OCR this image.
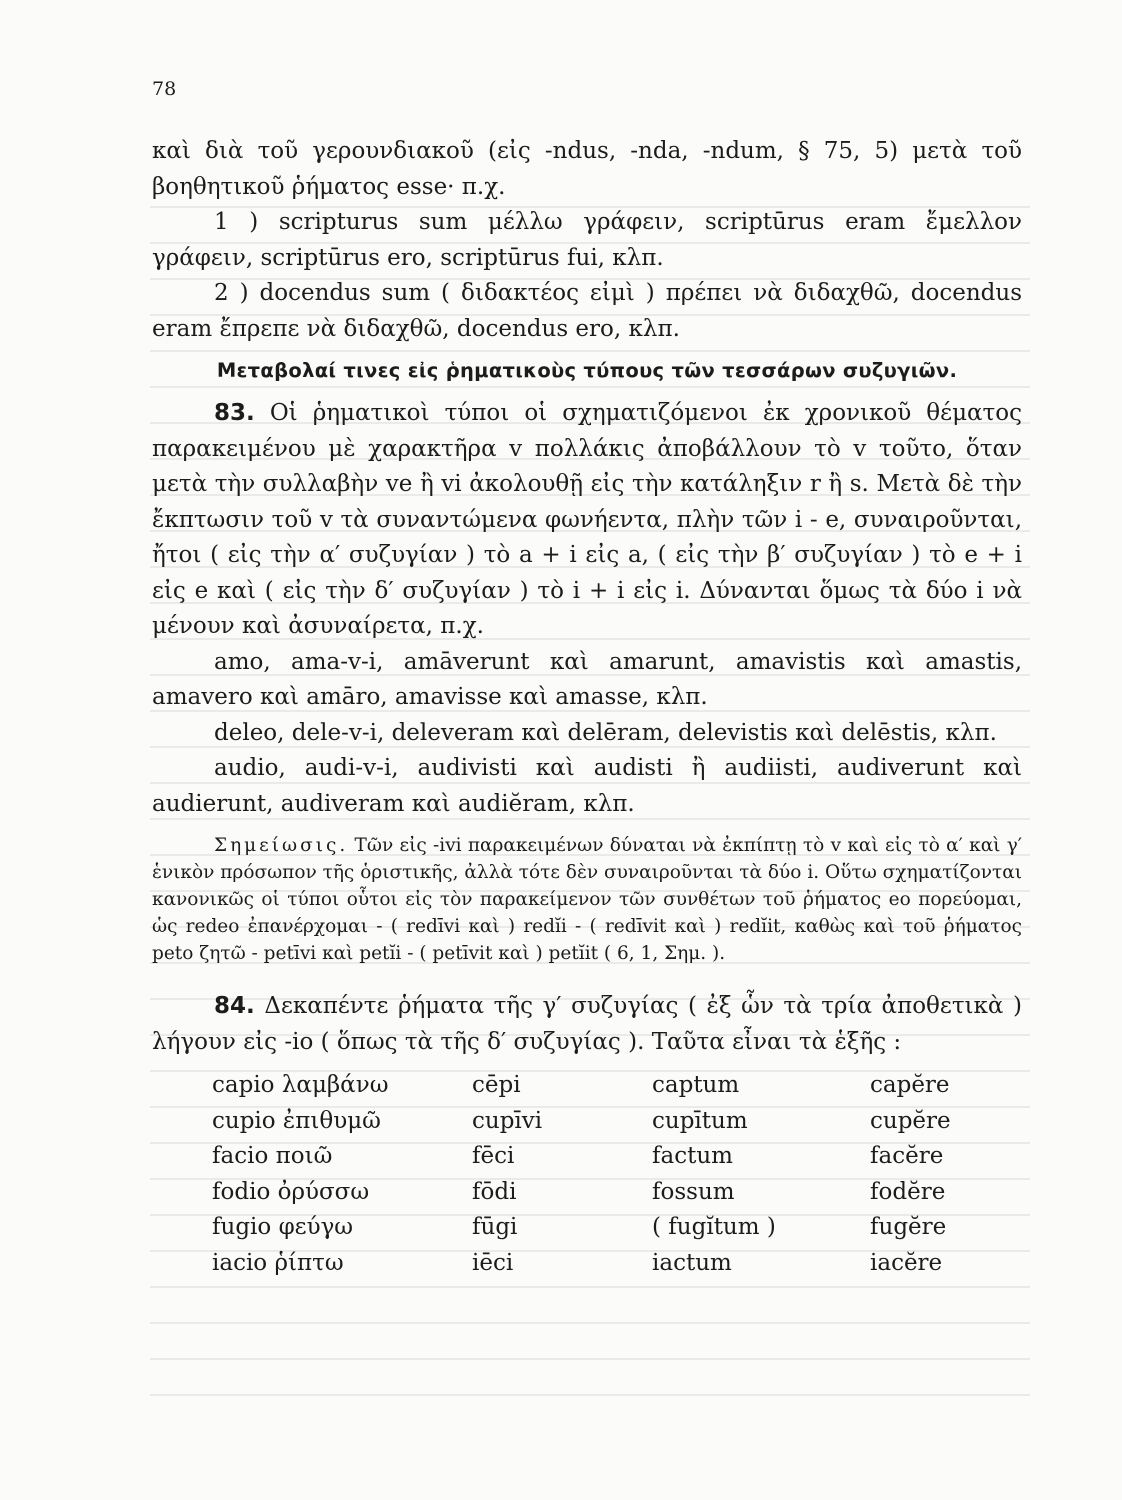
78

καὶ διὰ τοῦ γερουνδιακοῦ (εἰς -ndus, -nda, -ndum, § 75, 5) μετὰ τοῦ βοηθητικοῦ ῥήματος esse· π.χ.

1 ) scripturus sum μέλλω γράφειν, scriptūrus eram ἔμελλον γράφειν, scriptūrus ero, scriptūrus fui, κλπ.

2 ) docendus sum ( διδακτέος εἰμὶ ) πρέπει νὰ διδαχθῶ, docendus eram ἔπρεπε νὰ διδαχθῶ, docendus ero, κλπ.

Μεταβολαί τινες εἰς ῥηματικοὺς τύπους τῶν τεσσάρων συζυγιῶν.

83. Οἱ ῥηματικοὶ τύποι οἱ σχηματιζόμενοι ἐκ χρονικοῦ θέματος παρακειμένου μὲ χαρακτῆρα v πολλάκις ἀποβάλλουν τὸ v τοῦτο, ὅταν μετὰ τὴν συλλαβὴν ve ἢ vi ἀκολουθῇ εἰς τὴν κατάληξιν r ἢ s. Μετὰ δὲ τὴν ἔκπτωσιν τοῦ v τὰ συναντώμενα φωνήεντα, πλὴν τῶν i - e, συναιροῦνται, ἤτοι ( εἰς τὴν α′ συζυγίαν ) τὸ a + i εἰς a, ( εἰς τὴν β′ συζυγίαν ) τὸ e + i εἰς e καὶ ( εἰς τὴν δ′ συζυγίαν ) τὸ i + i εἰς i. Δύνανται ὅμως τὰ δύο i νὰ μένουν καὶ ἀσυναίρετα, π.χ.

amo, ama-v-i, amāverunt καὶ amarunt, amavistis καὶ amastis, amavero καὶ amāro, amavisse καὶ amasse, κλπ.

deleo, dele-v-i, deleveram καὶ delēram, delevistis καὶ delēstis, κλπ.

audio, audi-v-i, audivisti καὶ audisti ἢ audiisti, audiverunt καὶ audierunt, audiveram καὶ audiĕram, κλπ.

Σημείωσις. Τῶν εἰς -ivi παρακειμένων δύναται νὰ ἐκπίπτῃ τὸ v καὶ εἰς τὸ α′ καὶ γ′ ἑνικὸν πρόσωπον τῆς ὁριστικῆς, ἀλλὰ τότε δὲν συναιροῦνται τὰ δύο i. Οὕτω σχηματίζονται κανονικῶς οἱ τύποι οὗτοι εἰς τὸν παρακείμενον τῶν συνθέτων τοῦ ῥήματος eo πορεύομαι, ὡς redeo ἐπανέρχομαι - ( redīvi καὶ ) redĭi - ( redīvit καὶ ) redĭit, καθὼς καὶ τοῦ ῥήματος peto ζητῶ - petīvi καὶ petĭi - ( petīvit καὶ ) petĭit ( 6, 1, Σημ. ).

84. Δεκαπέντε ῥήματα τῆς γ′ συζυγίας ( ἐξ ὧν τὰ τρία ἀποθετικὰ ) λήγουν εἰς -io ( ὅπως τὰ τῆς δ′ συζυγίας ). Ταῦτα εἶναι τὰ ἑξῆς :

capio λαμβάνω	cēpi	captum	capĕre
cupio ἐπιθυμῶ	cupīvi	cupītum	cupĕre
facio ποιῶ	fēci	factum	facĕre
fodio ὀρύσσω	fōdi	fossum	fodĕre
fugio φεύγω	fūgi	( fugĭtum )	fugĕre
iacio ῥίπτω	iēci	iactum	iacĕre
